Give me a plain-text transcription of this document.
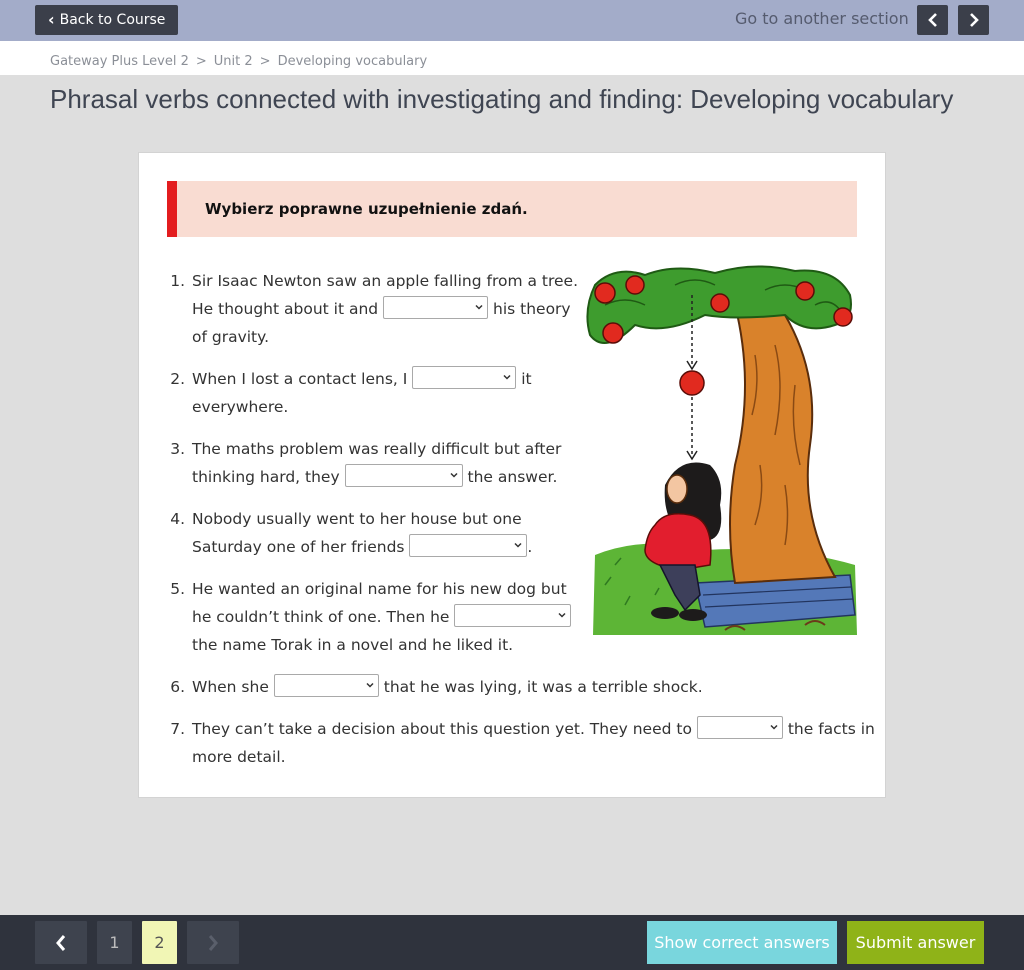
‹ Back to Course	Go to another section
Gateway Plus Level 2 > Unit 2 > Developing vocabulary
Phrasal verbs connected with investigating and finding: Developing vocabulary
Wybierz poprawne uzupełnienie zdań.
1. Sir Isaac Newton saw an apple falling from a tree.
He thought about it and	his theory
of gravity.
2. When I lost a contact lens, I	it
everywhere.
3. The maths problem was really difficult but after
thinking hard, they	the answer.
4. Nobody usually went to her house but one
Saturday one of her friends	.
5. He wanted an original name for his new dog but
he couldn’t think of one. Then he
the name Torak in a novel and he liked it.
6. When she	that he was lying, it was a terrible shock.
7. They can’t take a decision about this question yet. They need to	the facts in
more detail.
1	2	Show correct answers	Submit answer
